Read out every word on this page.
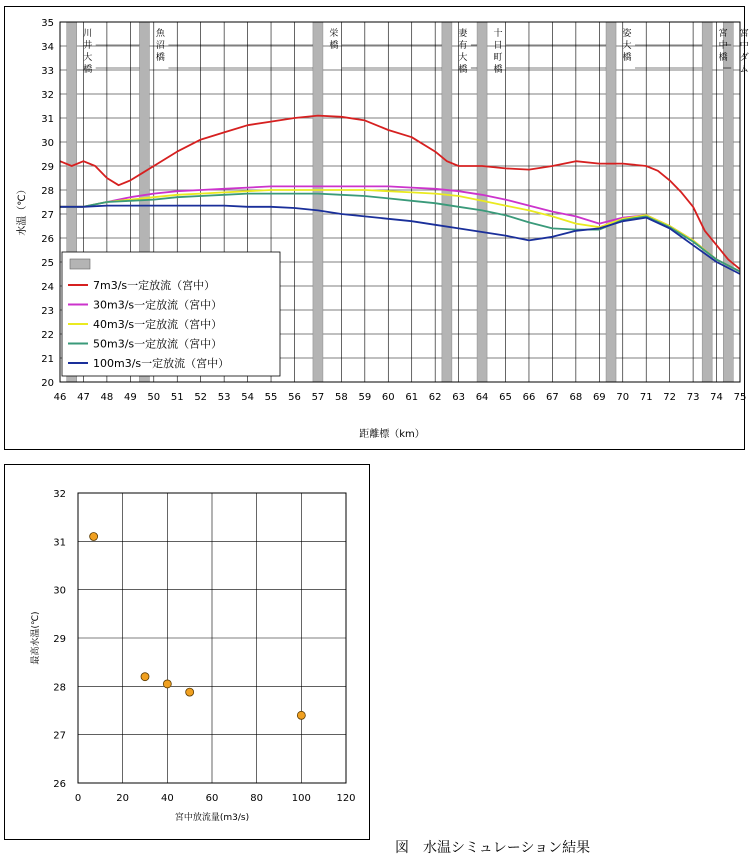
川
井
大
橋
魚
沼
橋
栄
橋
妻
有
大
橋
十
日
町
橋
姿
大
橋
宮
中
橋
宮
中
ダ
ム
20
21
22
23
24
25
26
27
28
29
30
31
32
33
34
35
46 47 48 49 50 51 52 53 54 55 56 57 58 59 60 61 62 63 64 65 66 67 68 69 70 71 72 73 74 75
水温（℃）
距離標（km）
7m3/s一定放流（宮中）
30m3/s一定放流（宮中）
40m3/s一定放流（宮中）
50m3/s一定放流（宮中）
100m3/s一定放流（宮中）
26
27
28
29
30
31
32
0	20	40	60	80	100	120
最高水温(℃)
宮中放流量(m3/s)
図　水温シミュレーション結果
